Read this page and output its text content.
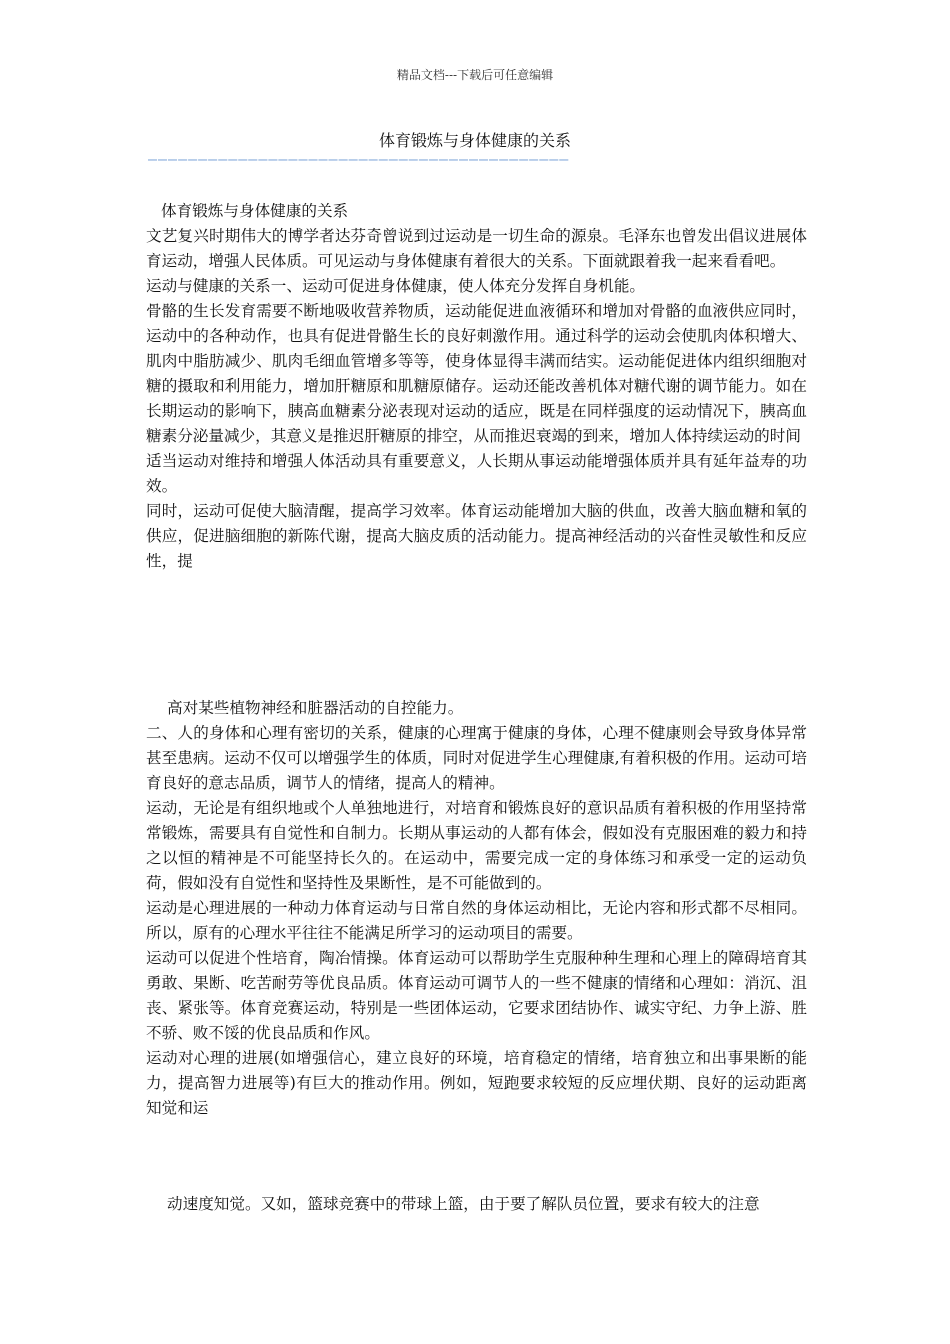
精品文档---下载后可任意编辑
体育锻炼与身体健康的关系
——————————————————————————————————————————

体育锻炼与身体健康的关系

文艺复兴时期伟大的博学者达芬奇曾说到过运动是一切生命的源泉。毛泽东也曾发出倡议进展体育运动，增强人民体质。可见运动与身体健康有着很大的关系。下面就跟着我一起来看看吧。

运动与健康的关系一、运动可促进身体健康，使人体充分发挥自身机能。

骨骼的生长发育需要不断地吸收营养物质，运动能促进血液循环和增加对骨骼的血液供应同时，运动中的各种动作，也具有促进骨骼生长的良好刺激作用。通过科学的运动会使肌肉体积增大、肌肉中脂肪减少、肌肉毛细血管增多等等，使身体显得丰满而结实。运动能促进体内组织细胞对糖的摄取和利用能力，增加肝糖原和肌糖原储存。运动还能改善机体对糖代谢的调节能力。如在长期运动的影响下，胰高血糖素分泌表现对运动的适应，既是在同样强度的运动情况下，胰高血糖素分泌量减少，其意义是推迟肝糖原的排空，从而推迟衰竭的到来，增加人体持续运动的时间

适当运动对维持和增强人体活动具有重要意义，人长期从事运动能增强体质并具有延年益寿的功效。

同时，运动可促使大脑清醒，提高学习效率。体育运动能增加大脑的供血，改善大脑血糖和氧的供应，促进脑细胞的新陈代谢，提高大脑皮质的活动能力。提高神经活动的兴奋性灵敏性和反应性，提

高对某些植物神经和脏器活动的自控能力。

二、人的身体和心理有密切的关系，健康的心理寓于健康的身体，心理不健康则会导致身体异常甚至患病。运动不仅可以增强学生的体质，同时对促进学生心理健康,有着积极的作用。运动可培育良好的意志品质，调节人的情绪，提高人的精神。

运动，无论是有组织地或个人单独地进行，对培育和锻炼良好的意识品质有着积极的作用坚持常常锻炼，需要具有自觉性和自制力。长期从事运动的人都有体会，假如没有克服困难的毅力和持之以恒的精神是不可能坚持长久的。在运动中，需要完成一定的身体练习和承受一定的运动负荷，假如没有自觉性和坚持性及果断性，是不可能做到的。

运动是心理进展的一种动力体育运动与日常自然的身体运动相比，无论内容和形式都不尽相同。所以，原有的心理水平往往不能满足所学习的运动项目的需要。

运动可以促进个性培育，陶冶情操。体育运动可以帮助学生克服种种生理和心理上的障碍培育其勇敢、果断、吃苦耐劳等优良品质。体育运动可调节人的一些不健康的情绪和心理如：消沉、沮丧、紧张等。体育竞赛运动，特别是一些团体运动，它要求团结协作、诚实守纪、力争上游、胜不骄、败不馁的优良品质和作风。

运动对心理的进展(如增强信心，建立良好的环境，培育稳定的情绪，培育独立和出事果断的能力，提高智力进展等)有巨大的推动作用。例如，短跑要求较短的反应埋伏期、良好的运动距离知觉和运

动速度知觉。又如，篮球竞赛中的带球上篮，由于要了解队员位置，要求有较大的注意
